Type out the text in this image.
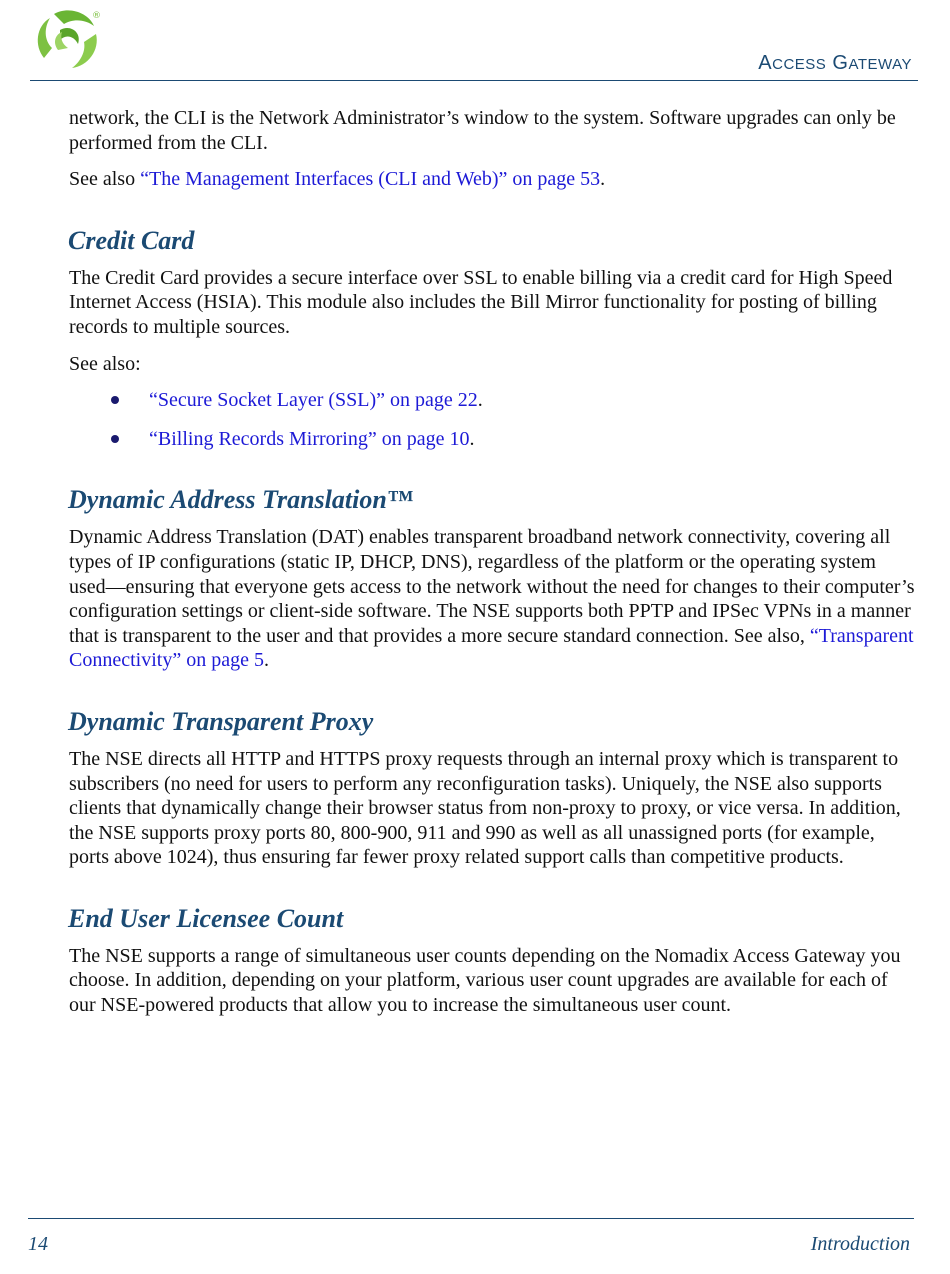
®
ACCESS GATEWAY

network, the CLI is the Network Administrator’s window to the system. Software upgrades can only be performed from the CLI.

See also “The Management Interfaces (CLI and Web)” on page 53.

Credit Card

The Credit Card provides a secure interface over SSL to enable billing via a credit card for High Speed Internet Access (HSIA). This module also includes the Bill Mirror functionality for posting of billing records to multiple sources.

See also:

“Secure Socket Layer (SSL)” on page 22.
“Billing Records Mirroring” on page 10.
Dynamic Address Translation™

Dynamic Address Translation (DAT) enables transparent broadband network connectivity, covering all types of IP configurations (static IP, DHCP, DNS), regardless of the platform or the operating system used—ensuring that everyone gets access to the network without the need for changes to their computer’s configuration settings or client-side software. The NSE supports both PPTP and IPSec VPNs in a manner that is transparent to the user and that provides a more secure standard connection. See also, “Transparent Connectivity” on page 5.

Dynamic Transparent Proxy

The NSE directs all HTTP and HTTPS proxy requests through an internal proxy which is transparent to subscribers (no need for users to perform any reconfiguration tasks). Uniquely, the NSE also supports clients that dynamically change their browser status from non-proxy to proxy, or vice versa. In addition, the NSE supports proxy ports 80, 800-900, 911 and 990 as well as all unassigned ports (for example, ports above 1024), thus ensuring far fewer proxy related support calls than competitive products.

End User Licensee Count

The NSE supports a range of simultaneous user counts depending on the Nomadix Access Gateway you choose. In addition, depending on your platform, various user count upgrades are available for each of our NSE-powered products that allow you to increase the simultaneous user count.

14	Introduction
